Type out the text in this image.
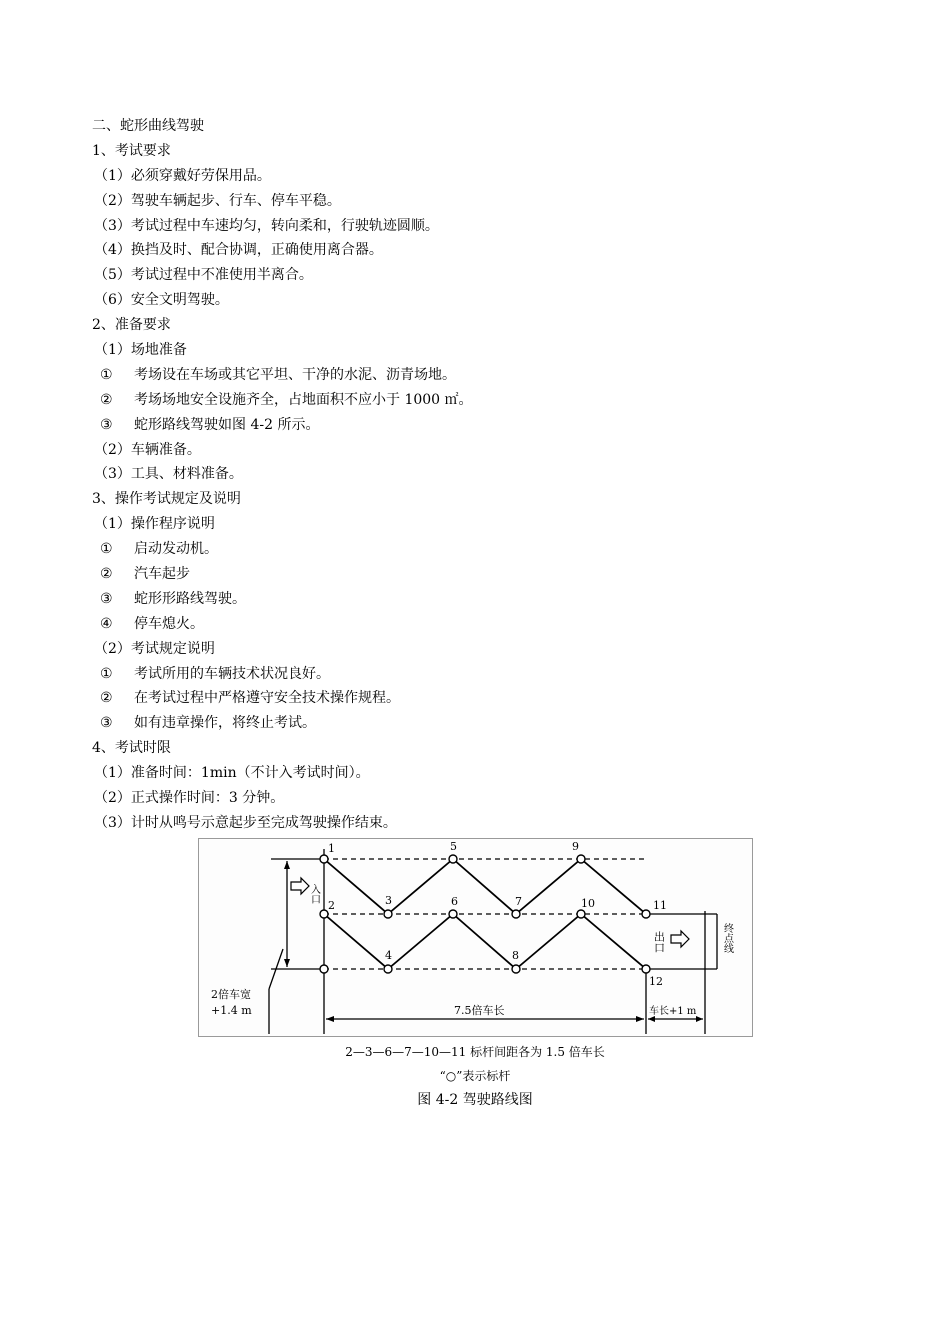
二、蛇形曲线驾驶
1、考试要求
（1）必须穿戴好劳保用品。
（2）驾驶车辆起步、行车、停车平稳。
（3）考试过程中车速均匀，转向柔和，行驶轨迹圆顺。
（4）换挡及时、配合协调，正确使用离合器。
（5）考试过程中不准使用半离合。
（6）安全文明驾驶。
2、准备要求
（1）场地准备
① 考场设在车场或其它平坦、干净的水泥、沥青场地。
② 考场场地安全设施齐全，占地面积不应小于 1000 ㎡。
③ 蛇形路线驾驶如图 4-2 所示。
（2）车辆准备。
（3）工具、材料准备。
3、操作考试规定及说明
（1）操作程序说明
① 启动发动机。
② 汽车起步
③ 蛇形形路线驾驶。
④ 停车熄火。
（2）考试规定说明
① 考试所用的车辆技术状况良好。
② 在考试过程中严格遵守安全技术操作规程。
③ 如有违章操作，将终止考试。
4、考试时限
（1）准备时间：1min（不计入考试时间）。
（2）正式操作时间：3 分钟。
（3）计时从鸣号示意起步至完成驾驶操作结束。
1
2	3
4
5
6	7
8
9
10	11
12
入口
出口	终点线
2倍车宽
+1.4 m	7.5倍车长	车长+1 m
2—3—6—7—10—11 标杆间距各为 1.5 倍车长
“○”表示标杆
图 4-2 驾驶路线图
